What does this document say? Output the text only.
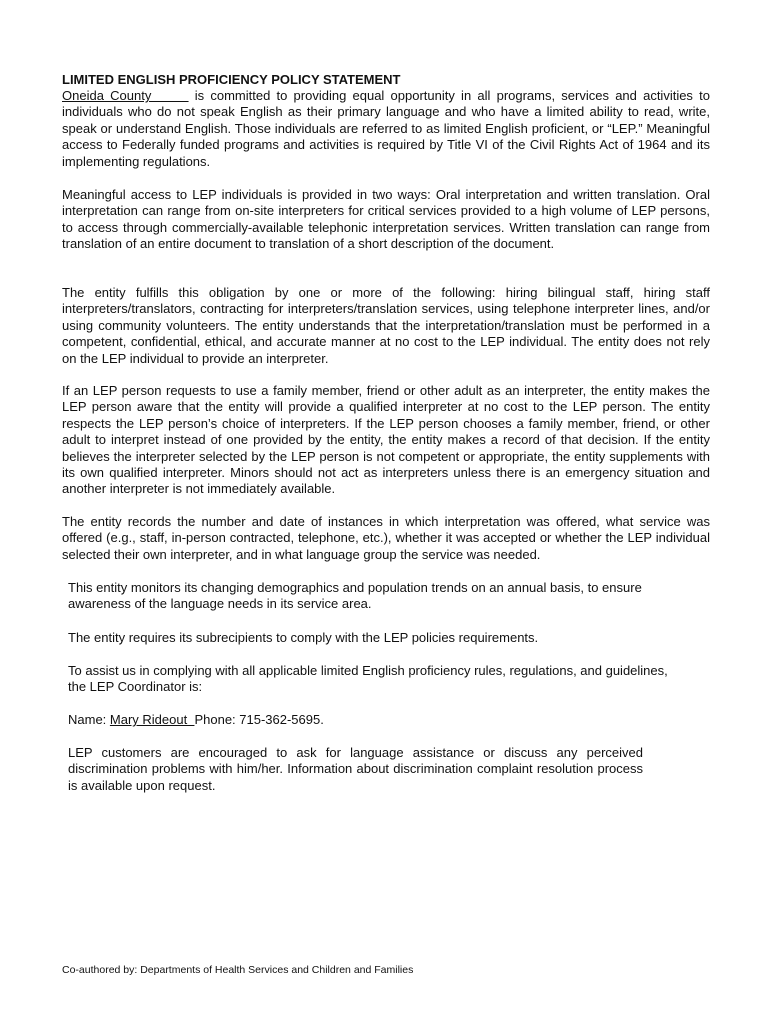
LIMITED ENGLISH PROFICIENCY POLICY STATEMENT

Oneida County       is committed to providing equal opportunity in all programs, services and activities to individuals who do not speak English as their primary language and who have a limited ability to read, write, speak or understand English. Those individuals are referred to as limited English proficient, or “LEP.” Meaningful access to Federally funded programs and activities is required by Title VI of the Civil Rights Act of 1964 and its implementing regulations.

Meaningful access to LEP individuals is provided in two ways: Oral interpretation and written translation. Oral interpretation can range from on-site interpreters for critical services provided to a high volume of LEP persons, to access through commercially-available telephonic interpretation services. Written translation can range from translation of an entire document to translation of a short description of the document.

The entity fulfills this obligation by one or more of the following: hiring bilingual staff, hiring staff interpreters/translators, contracting for interpreters/translation services, using telephone interpreter lines, and/or using community volunteers. The entity understands that the interpretation/translation must be performed in a competent, confidential, ethical, and accurate manner at no cost to the LEP individual. The entity does not rely on the LEP individual to provide an interpreter.

If an LEP person requests to use a family member, friend or other adult as an interpreter, the entity makes the LEP person aware that the entity will provide a qualified interpreter at no cost to the LEP person. The entity respects the LEP person’s choice of interpreters. If the LEP person chooses a family member, friend, or other adult to interpret instead of one provided by the entity, the entity makes a record of that decision. If the entity believes the interpreter selected by the LEP person is not competent or appropriate, the entity supplements with its own qualified interpreter. Minors should not act as interpreters unless there is an emergency situation and another interpreter is not immediately available.

The entity records the number and date of instances in which interpretation was offered, what service was offered (e.g., staff, in-person contracted, telephone, etc.), whether it was accepted or whether the LEP individual selected their own interpreter, and in what language group the service was needed.

This entity monitors its changing demographics and population trends on an annual basis, to ensure awareness of the language needs in its service area.

The entity requires its subrecipients to comply with the LEP policies requirements.

To assist us in complying with all applicable limited English proficiency rules, regulations, and guidelines, the LEP Coordinator is:

Name: Mary Rideout  Phone: 715-362-5695.

LEP customers are encouraged to ask for language assistance or discuss any perceived discrimination problems with him/her. Information about discrimination complaint resolution process is available upon request.

Co-authored by: Departments of Health Services and Children and Families
